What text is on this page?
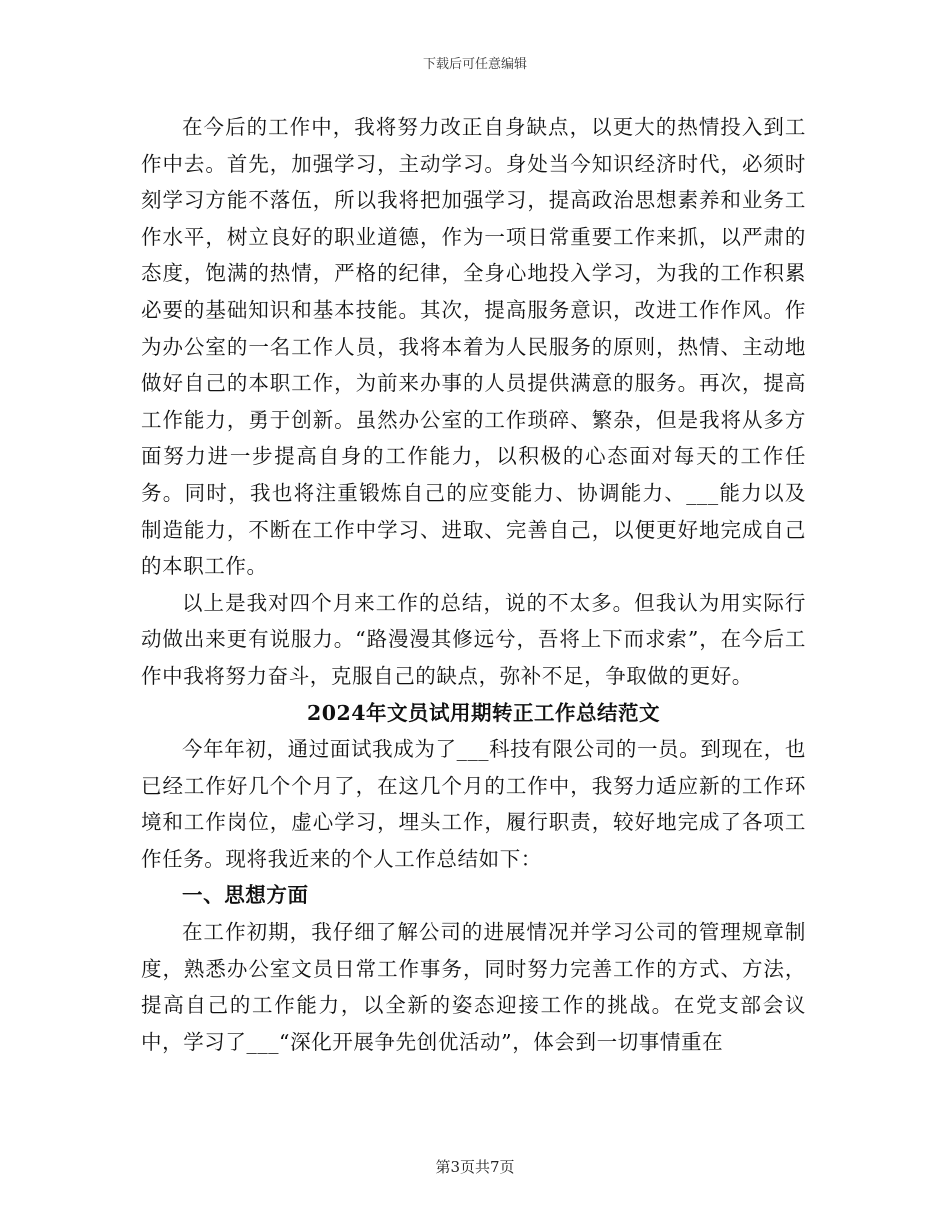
下载后可任意编辑

在今后的工作中，我将努力改正自身缺点，以更大的热情投入到工作中去。首先，加强学习，主动学习。身处当今知识经济时代，必须时刻学习方能不落伍，所以我将把加强学习，提高政治思想素养和业务工作水平，树立良好的职业道德，作为一项日常重要工作来抓，以严肃的态度，饱满的热情，严格的纪律，全身心地投入学习，为我的工作积累必要的基础知识和基本技能。其次，提高服务意识，改进工作作风。作为办公室的一名工作人员，我将本着为人民服务的原则，热情、主动地做好自己的本职工作，为前来办事的人员提供满意的服务。再次，提高工作能力，勇于创新。虽然办公室的工作琐碎、繁杂，但是我将从多方面努力进一步提高自身的工作能力，以积极的心态面对每天的工作任务。同时，我也将注重锻炼自己的应变能力、协调能力、___能力以及制造能力，不断在工作中学习、进取、完善自己，以便更好地完成自己的本职工作。

以上是我对四个月来工作的总结，说的不太多。但我认为用实际行动做出来更有说服力。“路漫漫其修远兮，吾将上下而求索”，在今后工作中我将努力奋斗，克服自己的缺点，弥补不足，争取做的更好。

2024年文员试用期转正工作总结范文

今年年初，通过面试我成为了___科技有限公司的一员。到现在，也已经工作好几个个月了，在这几个月的工作中，我努力适应新的工作环境和工作岗位，虚心学习，埋头工作，履行职责，较好地完成了各项工作任务。现将我近来的个人工作总结如下：

一、思想方面

在工作初期，我仔细了解公司的进展情况并学习公司的管理规章制度，熟悉办公室文员日常工作事务，同时努力完善工作的方式、方法，提高自己的工作能力，以全新的姿态迎接工作的挑战。在党支部会议中，学习了___“深化开展争先创优活动”，体会到一切事情重在

第3页共7页
